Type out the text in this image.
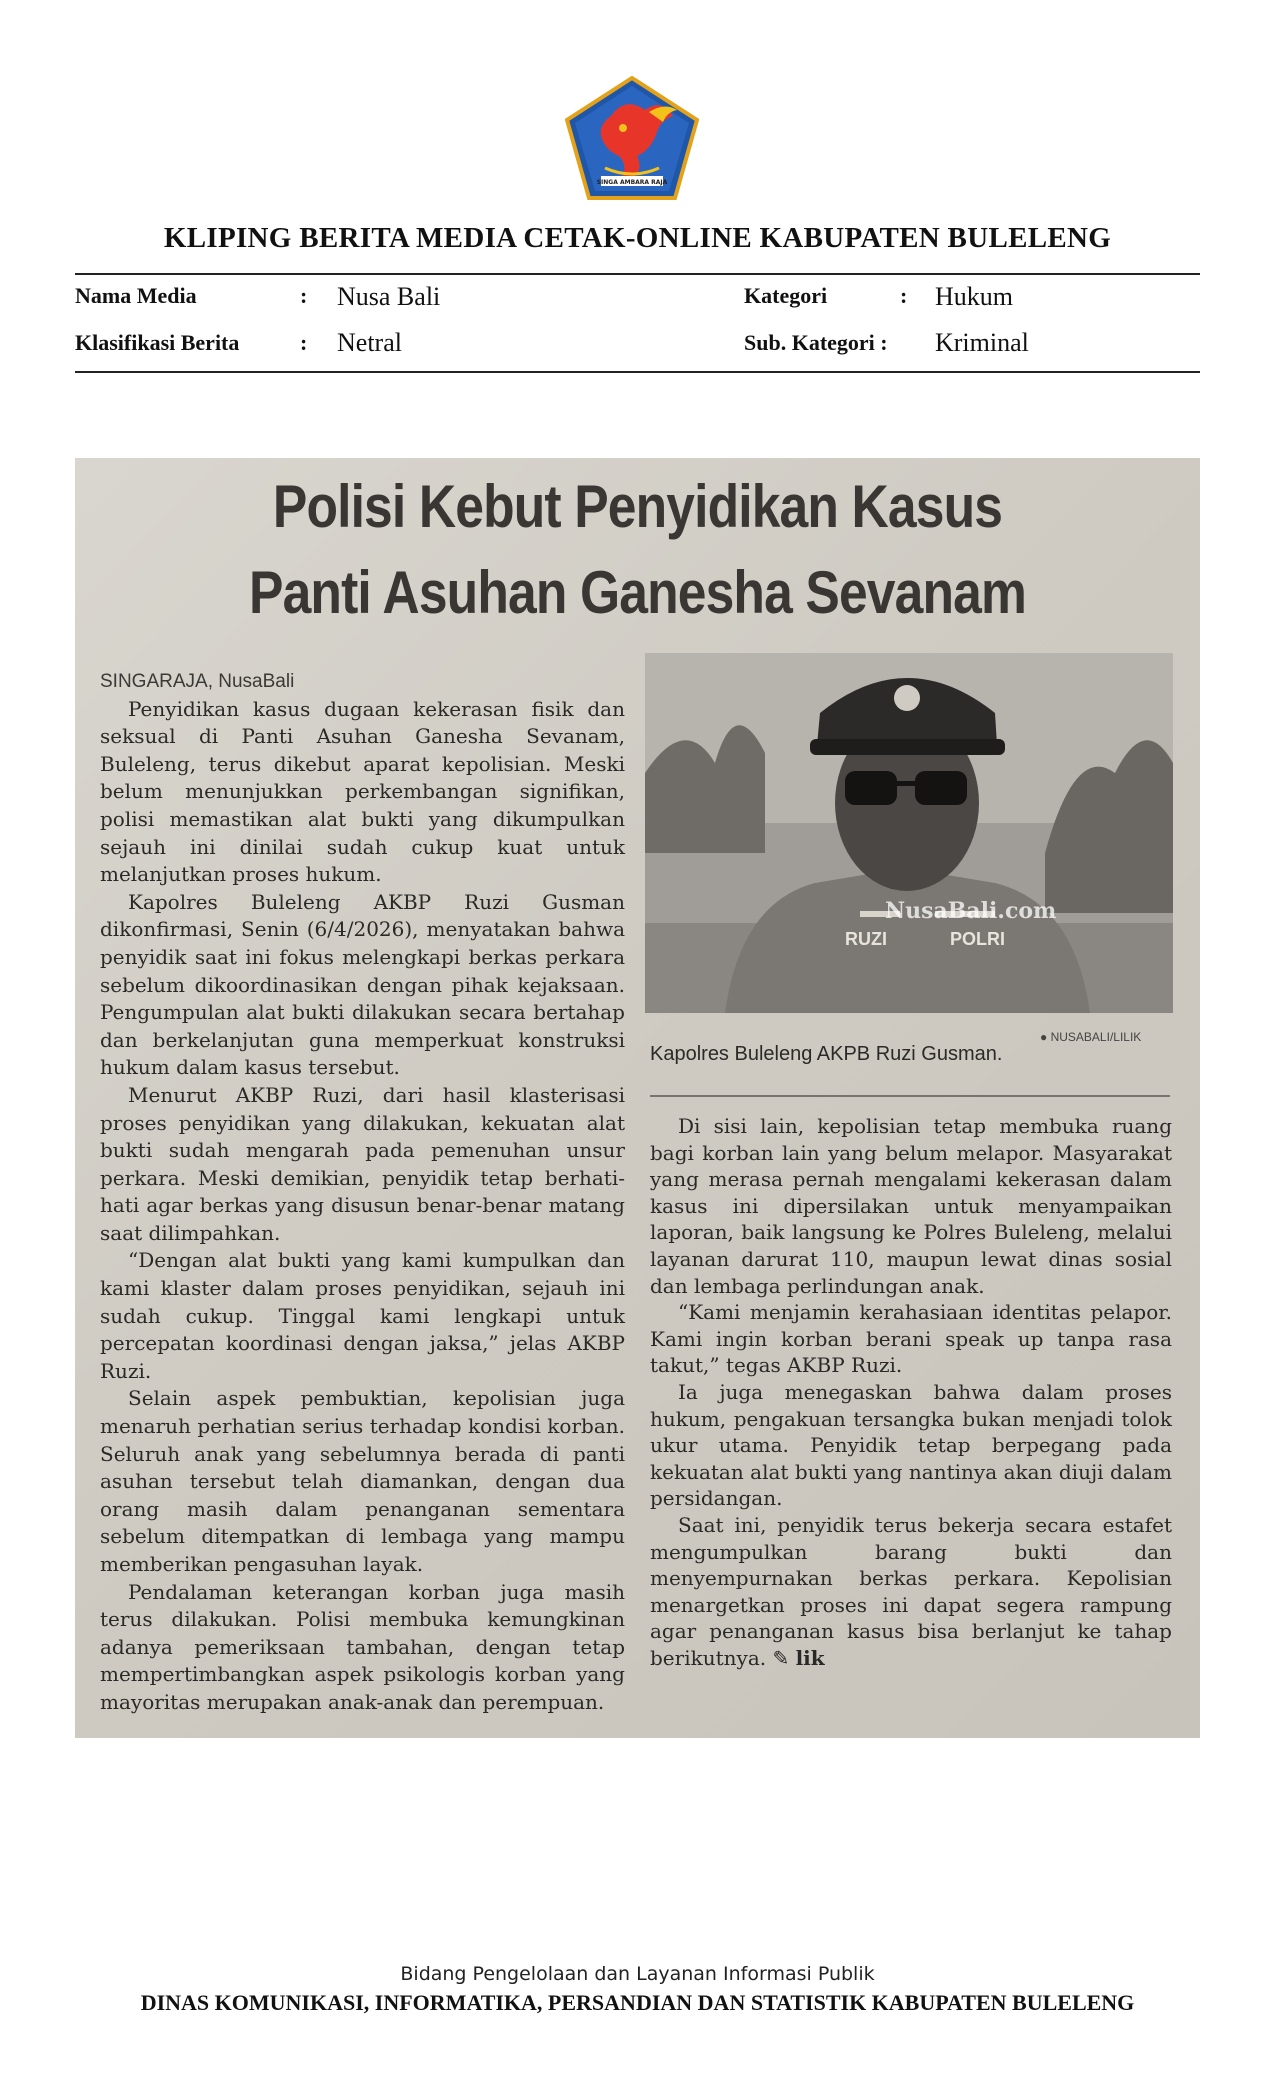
SINGA AMBARA RAJA
KLIPING BERITA MEDIA CETAK-ONLINE KABUPATEN BULELENG
Nama Media	: Nusa Bali
Klasifikasi Berita	: Netral
Kategori	: Hukum
Sub. Kategori : Kriminal
Polisi Kebut Penyidikan Kasus
Panti Asuhan Ganesha Sevanam

SINGARAJA, NusaBali

Penyidikan kasus dugaan kekerasan fisik dan seksual di Panti Asuhan Ganesha Sevanam, Buleleng, terus dikebut aparat kepolisian. Meski belum menunjukkan perkembangan signifikan, polisi memastikan alat bukti yang dikumpulkan sejauh ini dinilai sudah cukup kuat untuk melanjutkan proses hukum.

Kapolres Buleleng AKBP Ruzi Gusman dikonfirmasi, Senin (6/4/2026), menyatakan bahwa penyidik saat ini fokus melengkapi berkas perkara sebelum dikoordinasikan dengan pihak kejaksaan. Pengumpulan alat bukti dilakukan secara bertahap dan berkelanjutan guna memperkuat konstruksi hukum dalam kasus tersebut.

Menurut AKBP Ruzi, dari hasil klasterisasi proses penyidikan yang dilakukan, kekuatan alat bukti sudah mengarah pada pemenuhan unsur perkara. Meski demikian, penyidik tetap berhati-hati agar berkas yang disusun benar-benar matang saat dilimpahkan.

“Dengan alat bukti yang kami kumpulkan dan kami klaster dalam proses penyidikan, sejauh ini sudah cukup. Tinggal kami lengkapi untuk percepatan koordinasi dengan jaksa,” jelas AKBP Ruzi.

Selain aspek pembuktian, kepolisian juga menaruh perhatian serius terhadap kondisi korban. Seluruh anak yang sebelumnya berada di panti asuhan tersebut telah diamankan, dengan dua orang masih dalam penanganan sementara sebelum ditempatkan di lembaga yang mampu memberikan pengasuhan layak.

Pendalaman keterangan korban juga masih terus dilakukan. Polisi membuka kemungkinan adanya pemeriksaan tambahan, dengan tetap mempertimbangkan aspek psikologis korban yang mayoritas merupakan anak-anak dan perempuan.

RUZI	POLRI
NusaBali.com
● NUSABALI/LILIK
Kapolres Buleleng AKPB Ruzi Gusman.

Di sisi lain, kepolisian tetap membuka ruang bagi korban lain yang belum melapor. Masyarakat yang merasa pernah mengalami kekerasan dalam kasus ini dipersilakan untuk menyampaikan laporan, baik langsung ke Polres Buleleng, melalui layanan darurat 110, maupun lewat dinas sosial dan lembaga perlindungan anak.

“Kami menjamin kerahasiaan identitas pelapor. Kami ingin korban berani speak up tanpa rasa takut,” tegas AKBP Ruzi.

Ia juga menegaskan bahwa dalam proses hukum, pengakuan tersangka bukan menjadi tolok ukur utama. Penyidik tetap berpegang pada kekuatan alat bukti yang nantinya akan diuji dalam persidangan.

Saat ini, penyidik terus bekerja secara estafet mengumpulkan barang bukti dan menyempurnakan berkas perkara. Kepolisian menargetkan proses ini dapat segera rampung agar penanganan kasus bisa berlanjut ke tahap berikutnya. ✎ lik

Bidang Pengelolaan dan Layanan Informasi Publik
DINAS KOMUNIKASI, INFORMATIKA, PERSANDIAN DAN STATISTIK KABUPATEN BULELENG
